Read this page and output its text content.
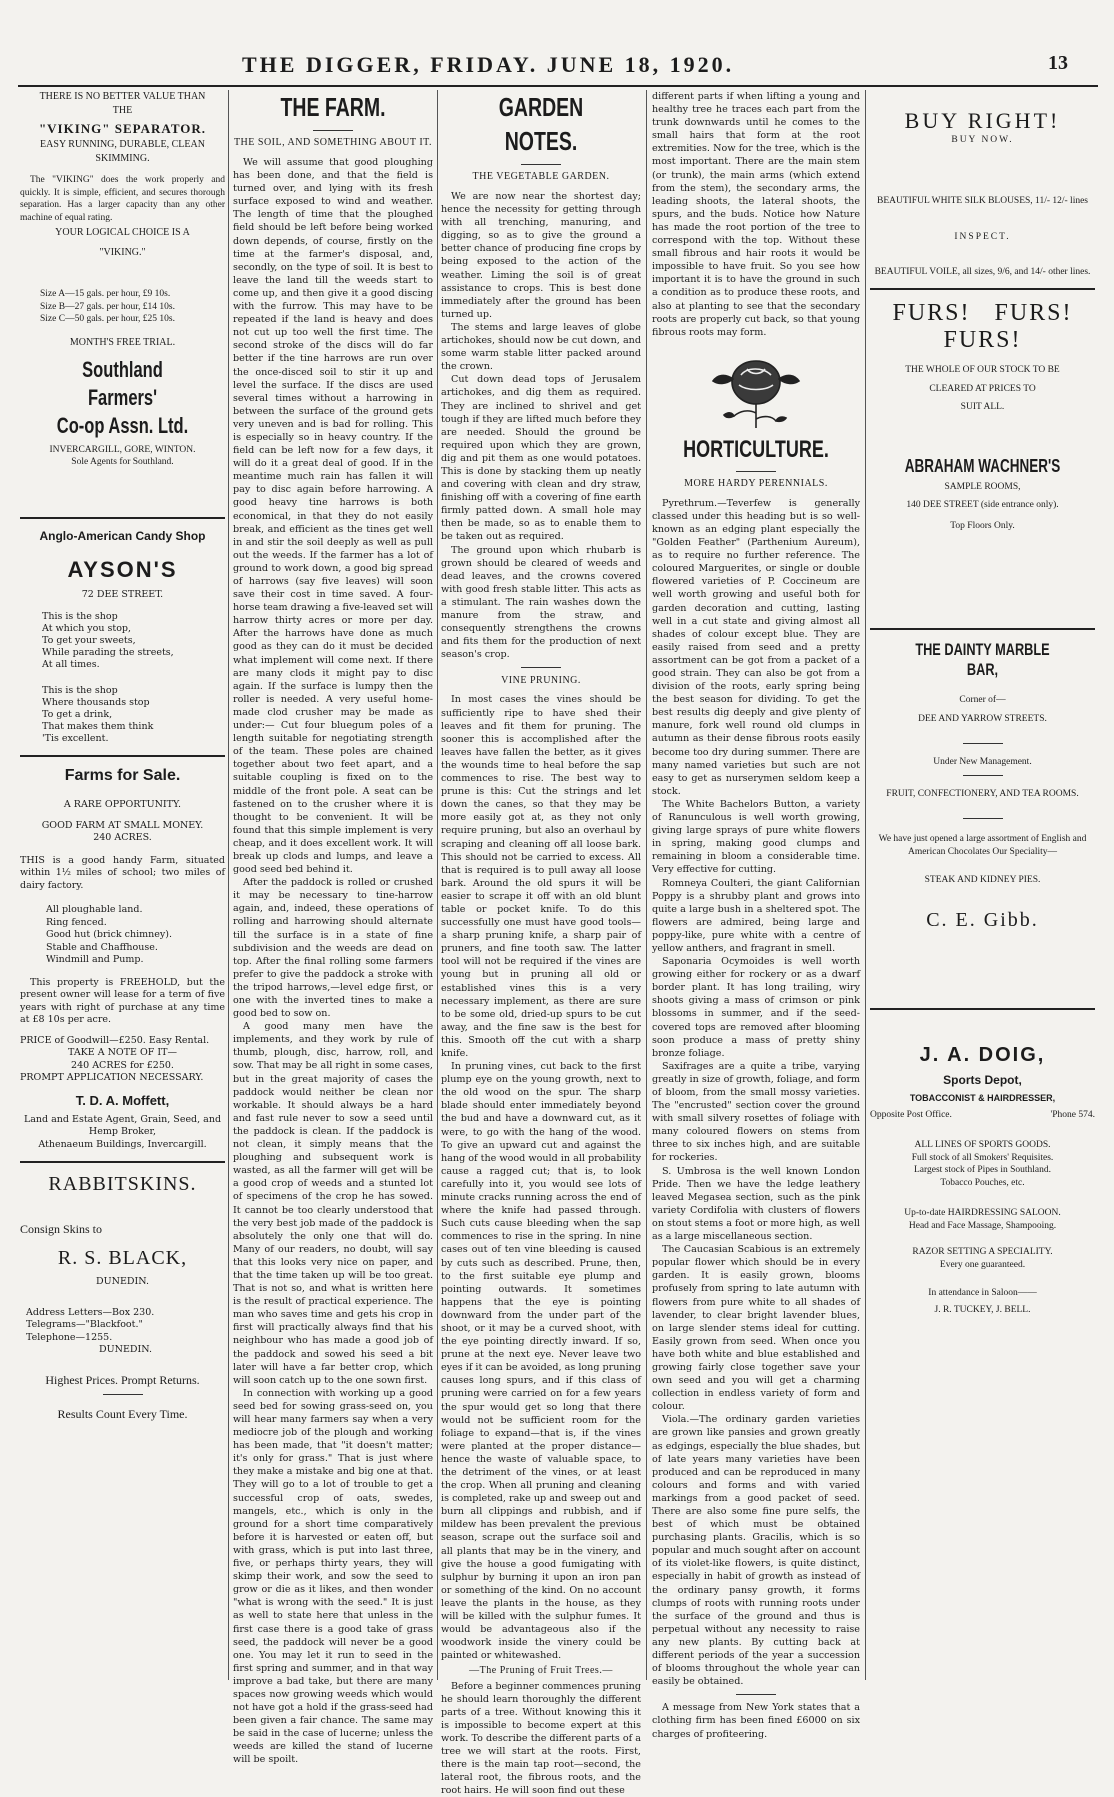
THE DIGGER, FRIDAY. JUNE 18, 1920.	13

THERE IS NO BETTER VALUE THAN

THE

"VIKING" SEPARATOR.

EASY RUNNING, DURABLE, CLEAN SKIMMING.

The "VIKING" does the work properly and quickly. It is simple, efficient, and secures thorough separation. Has a larger capacity than any other machine of equal rating.

YOUR LOGICAL CHOICE IS A

"VIKING."

Size A—15 gals. per hour, £9 10s.

Size B—27 gals. per hour, £14 10s.

Size C—50 gals. per hour, £25 10s.

MONTH'S FREE TRIAL.

Southland Farmers'

Co-op Assn. Ltd.

INVERCARGILL, GORE, WINTON.

Sole Agents for Southland.

Anglo-American Candy Shop

AYSON'S

72 DEE STREET.

This is the shop
At which you stop,
To get your sweets,
While parading the streets,
At all times.
This is the shop
Where thousands stop
To get a drink,
That makes them think
'Tis excellent.

Farms for Sale.

A RARE OPPORTUNITY.

GOOD FARM AT SMALL MONEY.

240 ACRES.

THIS is a good handy Farm, situated within 1½ miles of school; two miles of dairy factory.

All ploughable land.

Ring fenced.

Good hut (brick chimney).

Stable and Chaffhouse.

Windmill and Pump.

This property is FREEHOLD, but the present owner will lease for a term of five years with right of purchase at any time at £8 10s per acre.

PRICE of Goodwill—£250. Easy Rental.

TAKE A NOTE OF IT—

240 ACRES for £250.

PROMPT APPLICATION NECESSARY.

T. D. A. Moffett,

Land and Estate Agent, Grain, Seed, and Hemp Broker,

Athenaeum Buildings, Invercargill.

RABBITSKINS.

Consign Skins to

R. S. BLACK,

DUNEDIN.

Address Letters—Box 230.

Telegrams—"Blackfoot."

Telephone—1255.

DUNEDIN.

Highest Prices. Prompt Returns.

Results Count Every Time.

THE FARM.

THE SOIL, AND SOMETHING ABOUT IT.

We will assume that good ploughing has been done, and that the field is turned over, and lying with its fresh surface exposed to wind and weather. The length of time that the ploughed field should be left before being worked down depends, of course, firstly on the time at the farmer's disposal, and, secondly, on the type of soil. It is best to leave the land till the weeds start to come up, and then give it a good discing with the furrow. This may have to be repeated if the land is heavy and does not cut up too well the first time. The second stroke of the discs will do far better if the tine harrows are run over the once-disced soil to stir it up and level the surface. If the discs are used several times without a harrowing in between the surface of the ground gets very uneven and is bad for rolling. This is especially so in heavy country. If the field can be left now for a few days, it will do it a great deal of good. If in the meantime much rain has fallen it will pay to disc again before harrowing. A good heavy tine harrows is both economical, in that they do not easily break, and efficient as the tines get well in and stir the soil deeply as well as pull out the weeds. If the farmer has a lot of ground to work down, a good big spread of harrows (say five leaves) will soon save their cost in time saved. A four-horse team drawing a five-leaved set will harrow thirty acres or more per day. After the harrows have done as much good as they can do it must be decided what implement will come next. If there are many clods it might pay to disc again. If the surface is lumpy then the roller is needed. A very useful home-made clod crusher may be made as under:— Cut four bluegum poles of a length suitable for negotiating strength of the team. These poles are chained together about two feet apart, and a suitable coupling is fixed on to the middle of the front pole. A seat can be fastened on to the crusher where it is thought to be convenient. It will be found that this simple implement is very cheap, and it does excellent work. It will break up clods and lumps, and leave a good seed bed behind it.

After the paddock is rolled or crushed it may be necessary to tine-harrow again, and, indeed, these operations of rolling and harrowing should alternate till the surface is in a state of fine subdivision and the weeds are dead on top. After the final rolling some farmers prefer to give the paddock a stroke with the tripod harrows,—level edge first, or one with the inverted tines to make a good bed to sow on.

A good many men have the implements, and they work by rule of thumb, plough, disc, harrow, roll, and sow. That may be all right in some cases, but in the great majority of cases the paddock would neither be clean nor workable. It should always be a hard and fast rule never to sow a seed until the paddock is clean. If the paddock is not clean, it simply means that the ploughing and subsequent work is wasted, as all the farmer will get will be a good crop of weeds and a stunted lot of specimens of the crop he has sowed. It cannot be too clearly understood that the very best job made of the paddock is absolutely the only one that will do. Many of our readers, no doubt, will say that this looks very nice on paper, and that the time taken up will be too great. That is not so, and what is written here is the result of practical experience. The man who saves time and gets his crop in first will practically always find that his neighbour who has made a good job of the paddock and sowed his seed a bit later will have a far better crop, which will soon catch up to the one sown first.

In connection with working up a good seed bed for sowing grass-seed on, you will hear many farmers say when a very mediocre job of the plough and working has been made, that "it doesn't matter; it's only for grass." That is just where they make a mistake and big one at that. They will go to a lot of trouble to get a successful crop of oats, swedes, mangels, etc., which is only in the ground for a short time comparatively before it is harvested or eaten off, but with grass, which is put into last three, five, or perhaps thirty years, they will skimp their work, and sow the seed to grow or die as it likes, and then wonder "what is wrong with the seed." It is just as well to state here that unless in the first case there is a good take of grass seed, the paddock will never be a good one. You may let it run to seed in the first spring and summer, and in that way improve a bad take, but there are many spaces now growing weeds which would not have got a hold if the grass-seed had been given a fair chance. The same may be said in the case of lucerne; unless the weeds are killed the stand of lucerne will be spoilt.

GARDEN NOTES.

THE VEGETABLE GARDEN.

We are now near the shortest day; hence the necessity for getting through with all trenching, manuring, and digging, so as to give the ground a better chance of producing fine crops by being exposed to the action of the weather. Liming the soil is of great assistance to crops. This is best done immediately after the ground has been turned up.

The stems and large leaves of globe artichokes, should now be cut down, and some warm stable litter packed around the crown.

Cut down dead tops of Jerusalem artichokes, and dig them as required. They are inclined to shrivel and get tough if they are lifted much before they are needed. Should the ground be required upon which they are grown, dig and pit them as one would potatoes. This is done by stacking them up neatly and covering with clean and dry straw, finishing off with a covering of fine earth firmly patted down. A small hole may then be made, so as to enable them to be taken out as required.

The ground upon which rhubarb is grown should be cleared of weeds and dead leaves, and the crowns covered with good fresh stable litter. This acts as a stimulant. The rain washes down the manure from the straw, and consequently strengthens the crowns and fits them for the production of next season's crop.

VINE PRUNING.

In most cases the vines should be sufficiently ripe to have shed their leaves and fit them for pruning. The sooner this is accomplished after the leaves have fallen the better, as it gives the wounds time to heal before the sap commences to rise. The best way to prune is this: Cut the strings and let down the canes, so that they may be more easily got at, as they not only require pruning, but also an overhaul by scraping and cleaning off all loose bark. This should not be carried to excess. All that is required is to pull away all loose bark. Around the old spurs it will be easier to scrape it off with an old blunt table or pocket knife. To do this successfully one must have good tools—a sharp pruning knife, a sharp pair of pruners, and fine tooth saw. The latter tool will not be required if the vines are young but in pruning all old or established vines this is a very necessary implement, as there are sure to be some old, dried-up spurs to be cut away, and the fine saw is the best for this. Smooth off the cut with a sharp knife.

In pruning vines, cut back to the first plump eye on the young growth, next to the old wood on the spur. The sharp blade should enter immediately beyond the bud and have a downward cut, as it were, to go with the hang of the wood. To give an upward cut and against the hang of the wood would in all probability cause a ragged cut; that is, to look carefully into it, you would see lots of minute cracks running across the end of where the knife had passed through. Such cuts cause bleeding when the sap commences to rise in the spring. In nine cases out of ten vine bleeding is caused by cuts such as described. Prune, then, to the first suitable eye plump and pointing outwards. It sometimes happens that the eye is pointing downward from the under part of the shoot, or it may be a curved shoot, with the eye pointing directly inward. If so, prune at the next eye. Never leave two eyes if it can be avoided, as long pruning causes long spurs, and if this class of pruning were carried on for a few years the spur would get so long that there would not be sufficient room for the foliage to expand—that is, if the vines were planted at the proper distance—hence the waste of valuable space, to the detriment of the vines, or at least the crop. When all pruning and cleaning is completed, rake up and sweep out and burn all clippings and rubbish, and if mildew has been prevalent the previous season, scrape out the surface soil and all plants that may be in the vinery, and give the house a good fumigating with sulphur by burning it upon an iron pan or something of the kind. On no account leave the plants in the house, as they will be killed with the sulphur fumes. It would be advantageous also if the woodwork inside the vinery could be painted or whitewashed.

—The Pruning of Fruit Trees.—

Before a beginner commences pruning he should learn thoroughly the different parts of a tree. Without knowing this it is impossible to become expert at this work. To describe the different parts of a tree we will start at the roots. First, there is the main tap root—second, the lateral root, the fibrous roots, and the root hairs. He will soon find out these

different parts if when lifting a young and healthy tree he traces each part from the trunk downwards until he comes to the small hairs that form at the root extremities. Now for the tree, which is the most important. There are the main stem (or trunk), the main arms (which extend from the stem), the secondary arms, the leading shoots, the lateral shoots, the spurs, and the buds. Notice how Nature has made the root portion of the tree to correspond with the top. Without these small fibrous and hair roots it would be impossible to have fruit. So you see how important it is to have the ground in such a condition as to produce these roots, and also at planting to see that the secondary roots are properly cut back, so that young fibrous roots may form.

HORTICULTURE.

MORE HARDY PERENNIALS.

Pyrethrum.—Teverfew is generally classed under this heading but is so well-known as an edging plant especially the "Golden Feather" (Parthenium Aureum), as to require no further reference. The coloured Marguerites, or single or double flowered varieties of P. Coccineum are well worth growing and useful both for garden decoration and cutting, lasting well in a cut state and giving almost all shades of colour except blue. They are easily raised from seed and a pretty assortment can be got from a packet of a good strain. They can also be got from a division of the roots, early spring being the best season for dividing. To get the best results dig deeply and give plenty of manure, fork well round old clumps in autumn as their dense fibrous roots easily become too dry during summer. There are many named varieties but such are not easy to get as nurserymen seldom keep a stock.

The White Bachelors Button, a variety of Ranunculous is well worth growing, giving large sprays of pure white flowers in spring, making good clumps and remaining in bloom a considerable time. Very effective for cutting.

Romneya Coulteri, the giant Californian Poppy is a shrubby plant and grows into quite a large bush in a sheltered spot. The flowers are admired, being large and poppy-like, pure white with a centre of yellow anthers, and fragrant in smell.

Saponaria Ocymoides is well worth growing either for rockery or as a dwarf border plant. It has long trailing, wiry shoots giving a mass of crimson or pink blossoms in summer, and if the seed-covered tops are removed after blooming soon produce a mass of pretty shiny bronze foliage.

Saxifrages are a quite a tribe, varying greatly in size of growth, foliage, and form of bloom, from the small mossy varieties. The "encrusted" section cover the ground with small silvery rosettes of foliage with many coloured flowers on stems from three to six inches high, and are suitable for rockeries.

S. Umbrosa is the well known London Pride. Then we have the ledge leathery leaved Megasea section, such as the pink variety Cordifolia with clusters of flowers on stout stems a foot or more high, as well as a large miscellaneous section.

The Caucasian Scabious is an extremely popular flower which should be in every garden. It is easily grown, blooms profusely from spring to late autumn with flowers from pure white to all shades of lavender, to clear bright lavender blues, on large slender stems ideal for cutting. Easily grown from seed. When once you have both white and blue established and growing fairly close together save your own seed and you will get a charming collection in endless variety of form and colour.

Viola.—The ordinary garden varieties are grown like pansies and grown greatly as edgings, especially the blue shades, but of late years many varieties have been produced and can be reproduced in many colours and forms and with varied markings from a good packet of seed. There are also some fine pure selfs, the best of which must be obtained purchasing plants. Gracilis, which is so popular and much sought after on account of its violet-like flowers, is quite distinct, especially in habit of growth as instead of the ordinary pansy growth, it forms clumps of roots with running roots under the surface of the ground and thus is perpetual without any necessity to raise any new plants. By cutting back at different periods of the year a succession of blooms throughout the whole year can easily be obtained.

A message from New York states that a clothing firm has been fined £6000 on six charges of profiteering.

BUY RIGHT!

BUY NOW.

BEAUTIFUL WHITE SILK BLOUSES, 11/- 12/- lines

INSPECT.

BEAUTIFUL VOILE, all sizes, 9/6, and 14/- other lines.

FURS!   FURS!

FURS!

THE WHOLE OF OUR STOCK TO BE

CLEARED AT PRICES TO

SUIT ALL.

ABRAHAM WACHNER'S

SAMPLE ROOMS,

140 DEE STREET (side entrance only).

Top Floors Only.

THE DAINTY MARBLE BAR,

Corner of—

DEE AND YARROW STREETS.

Under New Management.

FRUIT, CONFECTIONERY, AND TEA ROOMS.

We have just opened a large assortment of English and American Chocolates Our Speciality—

STEAK AND KIDNEY PIES.

C. E. Gibb.

J. A. DOIG,

Sports Depot,

TOBACCONIST & HAIRDRESSER,

Opposite Post Office.	'Phone 574.

ALL LINES OF SPORTS GOODS.

Full stock of all Smokers' Requisites.

Largest stock of Pipes in Southland.

Tobacco Pouches, etc.

Up-to-date HAIRDRESSING SALOON.

Head and Face Massage, Shampooing.

RAZOR SETTING A SPECIALITY.

Every one guaranteed.

In attendance in Saloon——

J. R. TUCKEY, J. BELL.
